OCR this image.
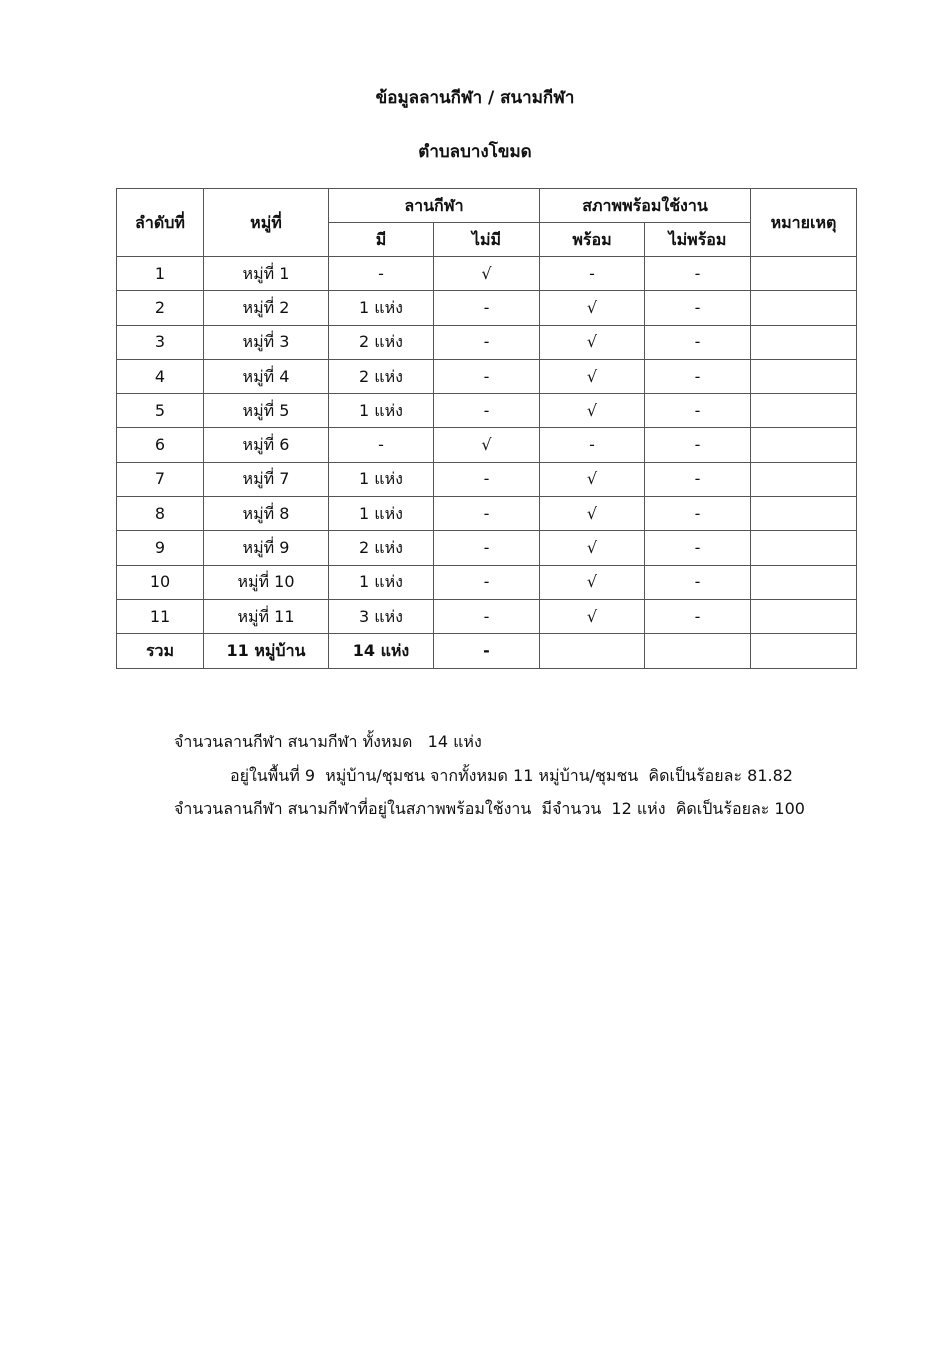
ข้อมูลลานกีฬา / สนามกีฬา
ตำบลบางโขมด
ลำดับที่	หมู่ที่	ลานกีฬา		สภาพพร้อมใช้งาน		หมายเหตุ
		มี	ไม่มี	พร้อม	ไม่พร้อม	
1	หมู่ที่ 1	-	√	-	-	
2	หมู่ที่ 2	1 แห่ง	-	√	-	
3	หมู่ที่ 3	2 แห่ง	-	√	-	
4	หมู่ที่ 4	2 แห่ง	-	√	-	
5	หมู่ที่ 5	1 แห่ง	-	√	-	
6	หมู่ที่ 6	-	√	-	-	
7	หมู่ที่ 7	1 แห่ง	-	√	-	
8	หมู่ที่ 8	1 แห่ง	-	√	-	
9	หมู่ที่ 9	2 แห่ง	-	√	-	
10	หมู่ที่ 10	1 แห่ง	-	√	-	
11	หมู่ที่ 11	3 แห่ง	-	√	-	
รวม	11 หมู่บ้าน	14 แห่ง	-			
จำนวนลานกีฬา สนามกีฬา ทั้งหมด   14 แห่ง
อยู่ในพื้นที่ 9  หมู่บ้าน/ชุมชน จากทั้งหมด 11 หมู่บ้าน/ชุมชน  คิดเป็นร้อยละ 81.82
จำนวนลานกีฬา สนามกีฬาที่อยู่ในสภาพพร้อมใช้งาน  มีจำนวน  12 แห่ง  คิดเป็นร้อยละ 100
